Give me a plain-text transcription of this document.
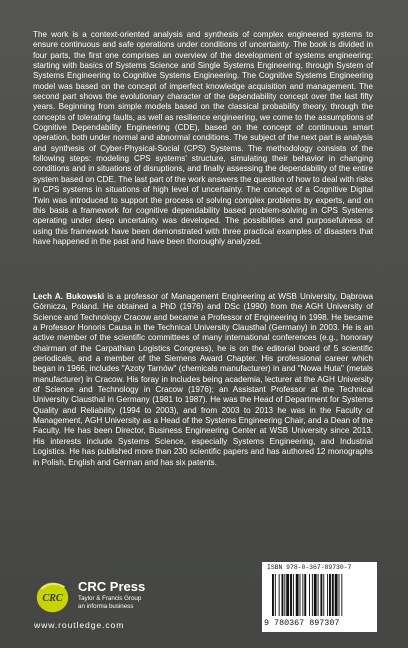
The work is a context-oriented analysis and synthesis of complex engineered systems to ensure continuous and safe operations under conditions of uncertainty. The book is divided in four parts, the first one comprises an overview of the development of systems engineering: starting with basics of Systems Science and Single Systems Engineering, through System of Systems Engineering to Cognitive Systems Engineering. The Cognitive Systems Engineering model was based on the concept of imperfect knowledge acquisition and management. The second part shows the evolutionary character of the dependability concept over the last fifty years. Beginning from simple models based on the classical probability theory, through the concepts of tolerating faults, as well as resilience engineering, we come to the assumptions of Cognitive Dependability Engineering (CDE), based on the concept of continuous smart operation, both under normal and abnormal conditions. The subject of the next part is analysis and synthesis of Cyber-Physical-Social (CPS) Systems. The methodology consists of the following steps: modeling CPS systems' structure, simulating their behavior in changing conditions and in situations of disruptions, and finally assessing the dependability of the entire system based on CDE. The last part of the work answers the question of how to deal with risks in CPS systems in situations of high level of uncertainty. The concept of a Cognitive Digital Twin was introduced to support the process of solving complex problems by experts, and on this basis a framework for cognitive dependability based problem-solving in CPS Systems operating under deep uncertainty was developed. The possibilities and purposefulness of using this framework have been demonstrated with three practical examples of disasters that have happened in the past and have been thoroughly analyzed.

Lech A. Bukowski is a professor of Management Engineering at WSB University, Dąbrowa Górnicza, Poland. He obtained a PhD (1976) and DSc (1990) from the AGH University of Science and Technology Cracow and became a Professor of Engineering in 1998. He became a Professor Honoris Causa in the Technical University Clausthal (Germany) in 2003. He is an active member of the scientific committees of many international conferences (e.g., honorary chairman of the Carpathian Logistics Congress), he is on the editorial board of 5 scientific periodicals, and a member of the Siemens Award Chapter. His professional career which began in 1966, includes "Azoty Tarnów" (chemicals manufacturer) in and "Nowa Huta" (metals manufacturer) in Cracow. His foray in includes being academia, lecturer at the AGH University of Science and Technology in Cracow (1976); an Assistant Professor at the Technical University Clausthal in Germany (1981 to 1987). He was the Head of Department for Systems Quality and Reliability (1994 to 2003), and from 2003 to 2013 he was in the Faculty of Management, AGH University as a Head of the Systems Engineering Chair, and a Dean of the Faculty. He has been Director, Business Engineering Center at WSB University since 2013. His interests include Systems Science, especially Systems Engineering, and Industrial Logistics. He has published more than 230 scientific papers and has authored 12 monographs in Polish, English and German and has six patents.

CRC
CRC Press
Taylor & Francis Group
an informa business
www.routledge.com
ISBN 978-0-367-89730-7
9 780367 897307
